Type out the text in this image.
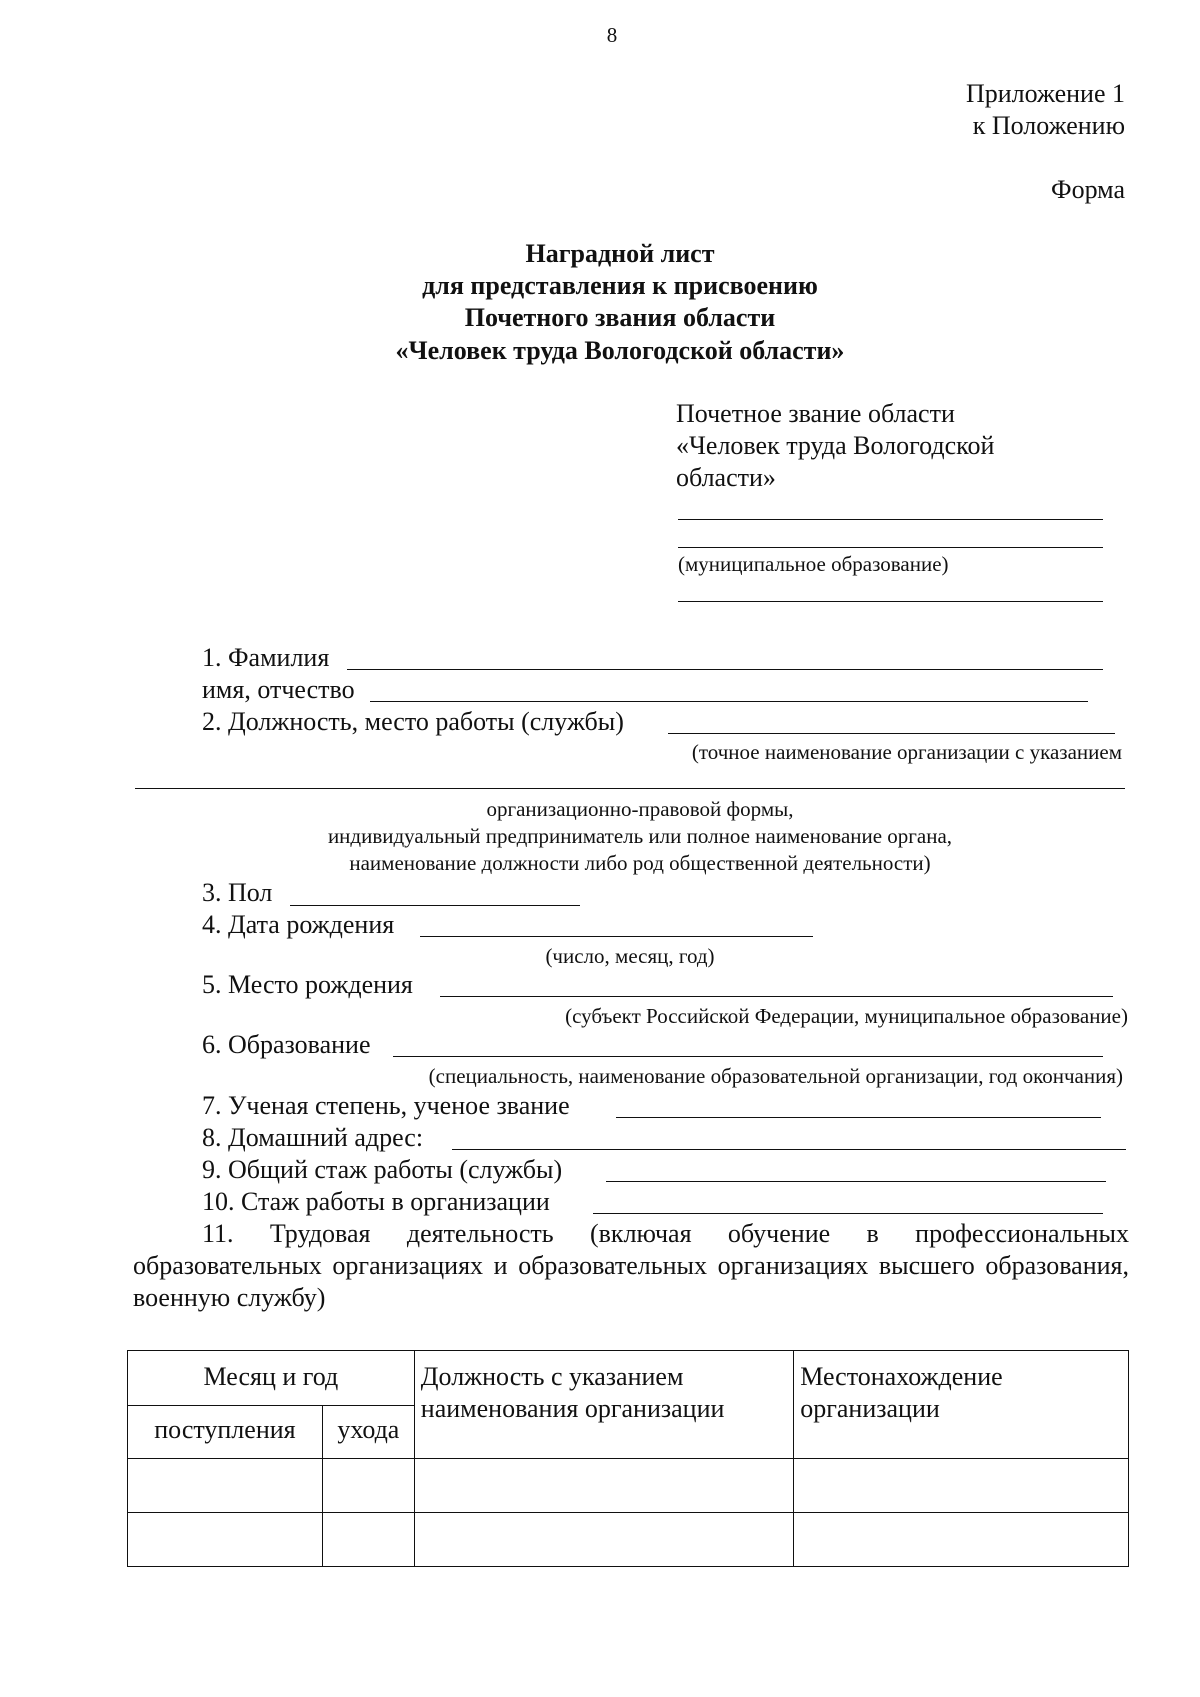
8
Приложение 1
к Положению
Форма
Наградной лист
для представления к присвоению
Почетного звания области
«Человек труда Вологодской области»
Почетное звание области
«Человек труда Вологодской
области»
(муниципальное образование)
1. Фамилия
имя, отчество
2. Должность, место работы (службы)
(точное наименование организации с указанием
организационно-правовой формы,
индивидуальный предприниматель или полное наименование органа,
наименование должности либо род общественной деятельности)
3. Пол
4. Дата рождения
(число, месяц, год)
5. Место рождения
(субъект Российской Федерации, муниципальное образование)
6. Образование
(специальность, наименование образовательной организации, год окончания)
7. Ученая степень, ученое звание
8. Домашний адрес:
9. Общий стаж работы (службы)
10. Стаж работы в организации
11. Трудовая деятельность (включая обучение в профессиональных образовательных организациях и образовательных организациях высшего образования, военную службу)
Месяц и год		Должность с указанием наименования организации	Местонахождение организации

поступления	ухода		
